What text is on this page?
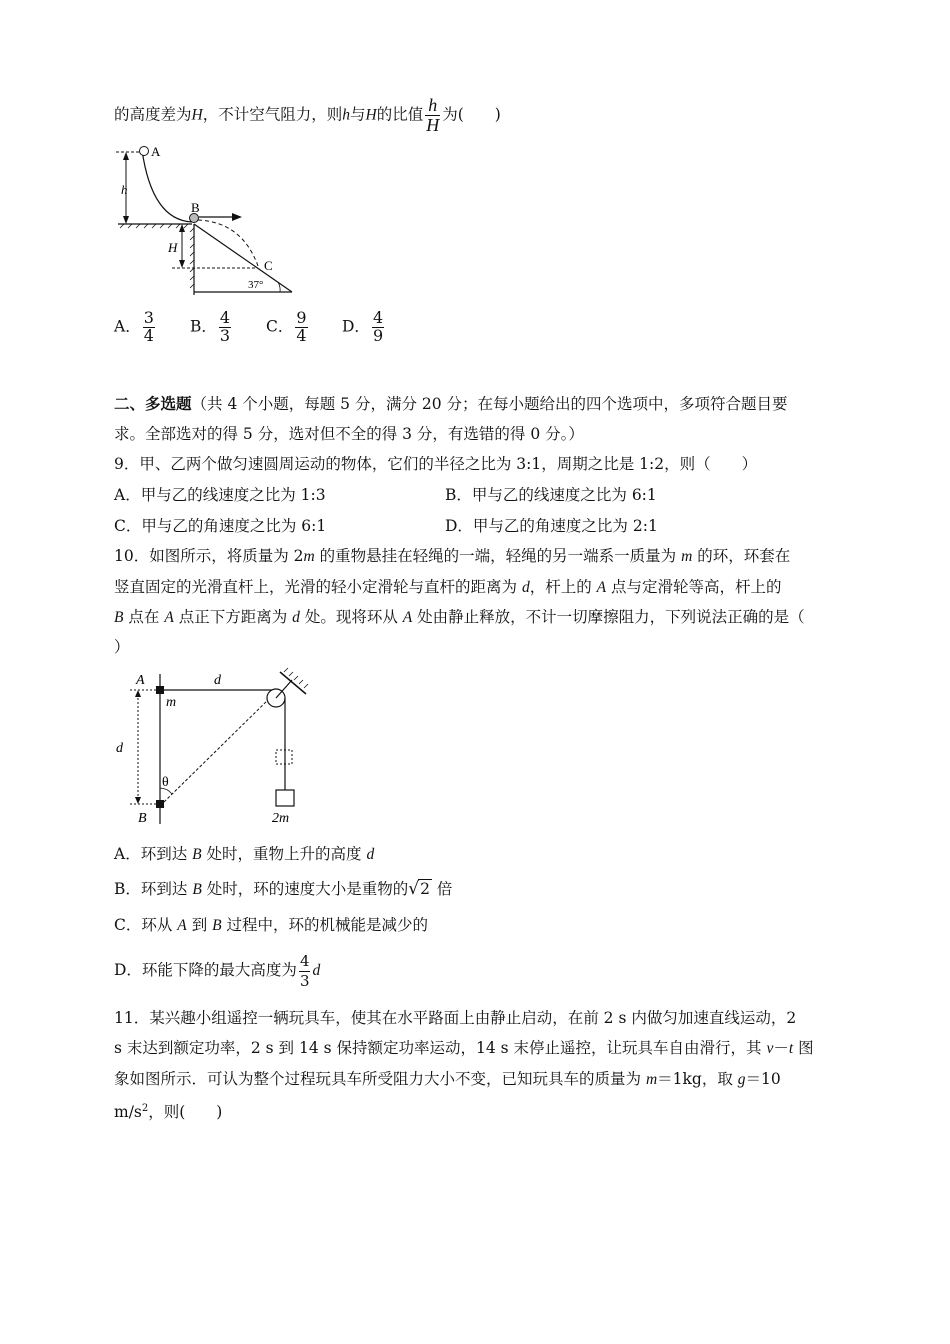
的高度差为H，不计空气阻力，则h与H的比值 $\frac{h}{H}$ 为(　　)
A
B
C
h
H
37°
A． $\frac{3}{4}$ B． $\frac{4}{3}$ C． $\frac{9}{4}$ D． $\frac{4}{9}$
二、多选题（共 4 个小题，每题 5 分，满分 20 分；在每小题给出的四个选项中，多项符合题目要
求。全部选对的得 5 分，选对但不全的得 3 分，有选错的得 0 分。）
9．甲、乙两个做匀速圆周运动的物体，它们的半径之比为 3:1，周期之比是 1:2，则（　　）
A．甲与乙的线速度之比为 1:3	B．甲与乙的线速度之比为 6:1
C．甲与乙的角速度之比为 6:1	D．甲与乙的角速度之比为 2:1
10．如图所示，将质量为 2m 的重物悬挂在轻绳的一端，轻绳的另一端系一质量为 m 的环，环套在
竖直固定的光滑直杆上，光滑的轻小定滑轮与直杆的距离为 d，杆上的 A 点与定滑轮等高，杆上的
B 点在 A 点正下方距离为 d 处。现将环从 A 处由静止释放，不计一切摩擦阻力，下列说法正确的是（
）
A
m
d
d
θ
B	2m
A．环到达 B 处时，重物上升的高度 d
B．环到达 B 处时，环的速度大小是重物的√2 倍
C．环从 A 到 B 过程中，环的机械能是减少的
D．环能下降的最大高度为 $\frac{4}{3}$ d
11．某兴趣小组遥控一辆玩具车，使其在水平路面上由静止启动，在前 2 s 内做匀加速直线运动，2
s 末达到额定功率，2 s 到 14 s 保持额定功率运动，14 s 末停止遥控，让玩具车自由滑行，其 v－t 图
象如图所示．可认为整个过程玩具车所受阻力大小不变，已知玩具车的质量为 m＝1kg，取 g＝10
$m/s^2$，则(　　)
